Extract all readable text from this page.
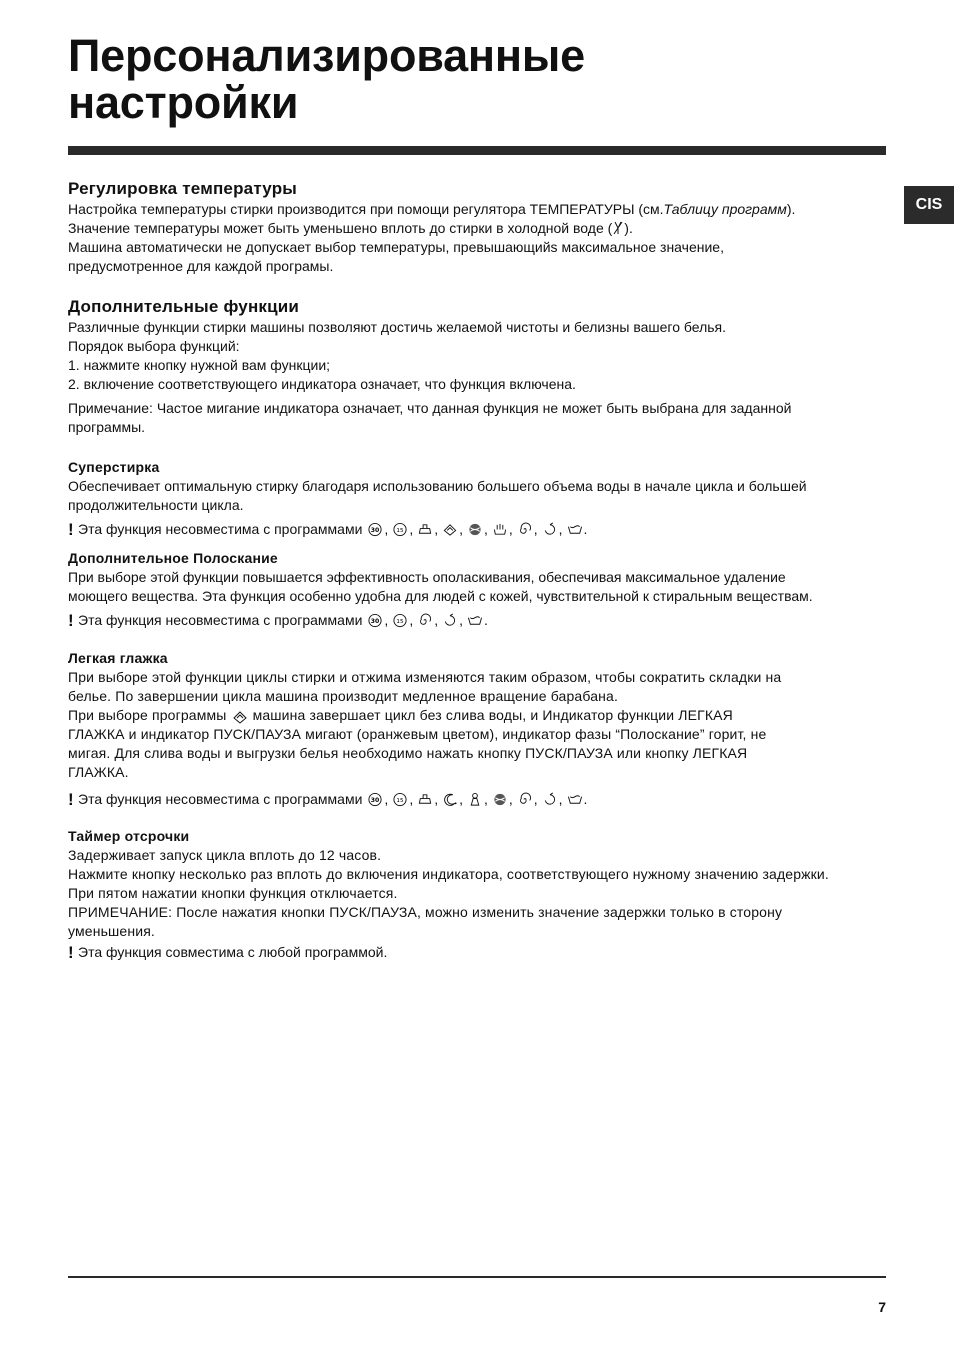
Персонализированные
настройки
CIS
Регулировка температуры
Настройка температуры стирки производится при помощи регулятора ТЕМПЕРАТУРЫ (см.Таблицу программ).
Значение температуры может быть уменьшено вплоть до стирки в холодной воде ( ).
Машина автоматически не допускает выбор температуры, превышающийs максимальное значение,
предусмотренное для каждой програмы.
Дополнительные функции
Различные функции стирки машины позволяют достичь желаемой чистоты и белизны вашего белья.
Порядок выбора функций:
1. нажмите кнопку нужной вам функции;
2. включение соответствующего индикатора означает, что функция включена.
Примечание: Частое мигание индикатора означает, что данная функция не может быть выбрана для заданной
программы.
Суперстирка
Обеспечивает оптимальную стирку благодаря использованию большего объема воды в начале цикла и большей
продолжительности цикла.
! Эта функция несовместима с программами 30 , 15 , , , , , , , .
Дополнительное Полоскание
При выборе этой функции повышается эффективность ополаскивания, обеспечивая максимальное удаление
моющего вещества. Эта функция особенно удобна для людей с кожей, чувствительной к стиральным веществам.
! Эта функция несовместима с программами 30 , 15 , , , .
Легкая глажка
При выборе этой функции циклы стирки и отжима изменяются таким образом, чтобы сократить складки на
белье. По завершении цикла машина производит медленное вращение барабана.
При выборе программы машина завершает цикл без слива воды, и Индикатор функции ЛЕГКАЯ
ГЛАЖКА и индикатор ПУСК/ПАУЗА мигают (оранжевым цветом), индикатор фазы “Полоскание” горит, не
мигая. Для слива воды и выгрузки белья необходимо нажать кнопку ПУСК/ПАУЗА или кнопку ЛЕГКАЯ
ГЛАЖКА.
! Эта функция несовместима с программами 30 , 15 , , , , , , , .
Таймер отсрочки
Задерживает запуск цикла вплоть до 12 часов.
Нажмите кнопку несколько раз вплоть до включения индикатора, соответствующего нужному значению задержки.
При пятом нажатии кнопки функция отключается.
ПРИМЕЧАНИЕ: После нажатия кнопки ПУСК/ПАУЗА, можно изменить значение задержки только в сторону
уменьшения.
! Эта функция совместима с любой программой.
7
